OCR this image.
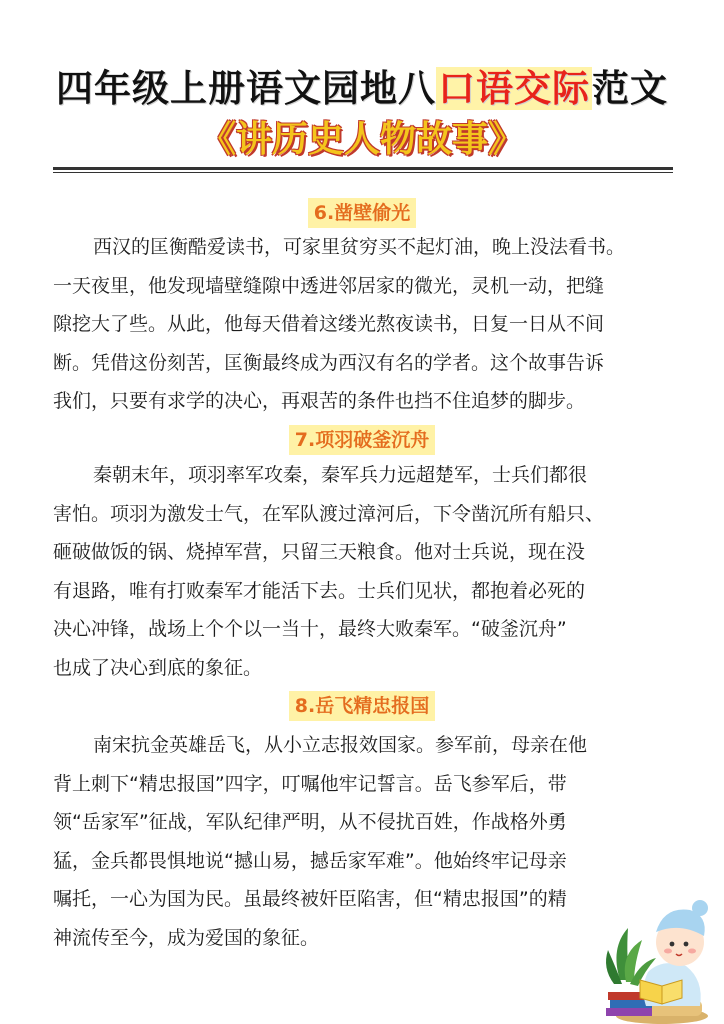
四年级上册语文园地八口语交际范文
《讲历史人物故事》
6.凿壁偷光
西汉的匡衡酷爱读书，可家里贫穷买不起灯油，晚上没法看书。
一天夜里，他发现墙壁缝隙中透进邻居家的微光，灵机一动，把缝
隙挖大了些。从此，他每天借着这缕光熬夜读书，日复一日从不间
断。凭借这份刻苦，匡衡最终成为西汉有名的学者。这个故事告诉
我们，只要有求学的决心，再艰苦的条件也挡不住追梦的脚步。
7.项羽破釜沉舟
秦朝末年，项羽率军攻秦，秦军兵力远超楚军，士兵们都很
害怕。项羽为激发士气，在军队渡过漳河后，下令凿沉所有船只、
砸破做饭的锅、烧掉军营，只留三天粮食。他对士兵说，现在没
有退路，唯有打败秦军才能活下去。士兵们见状，都抱着必死的
决心冲锋，战场上个个以一当十，最终大败秦军。“破釜沉舟”
也成了决心到底的象征。
8.岳飞精忠报国
南宋抗金英雄岳飞，从小立志报效国家。参军前，母亲在他
背上刺下“精忠报国”四字，叮嘱他牢记誓言。岳飞参军后，带
领“岳家军”征战，军队纪律严明，从不侵扰百姓，作战格外勇
猛，金兵都畏惧地说“撼山易，撼岳家军难”。他始终牢记母亲
嘱托，一心为国为民。虽最终被奸臣陷害，但“精忠报国”的精
神流传至今，成为爱国的象征。
